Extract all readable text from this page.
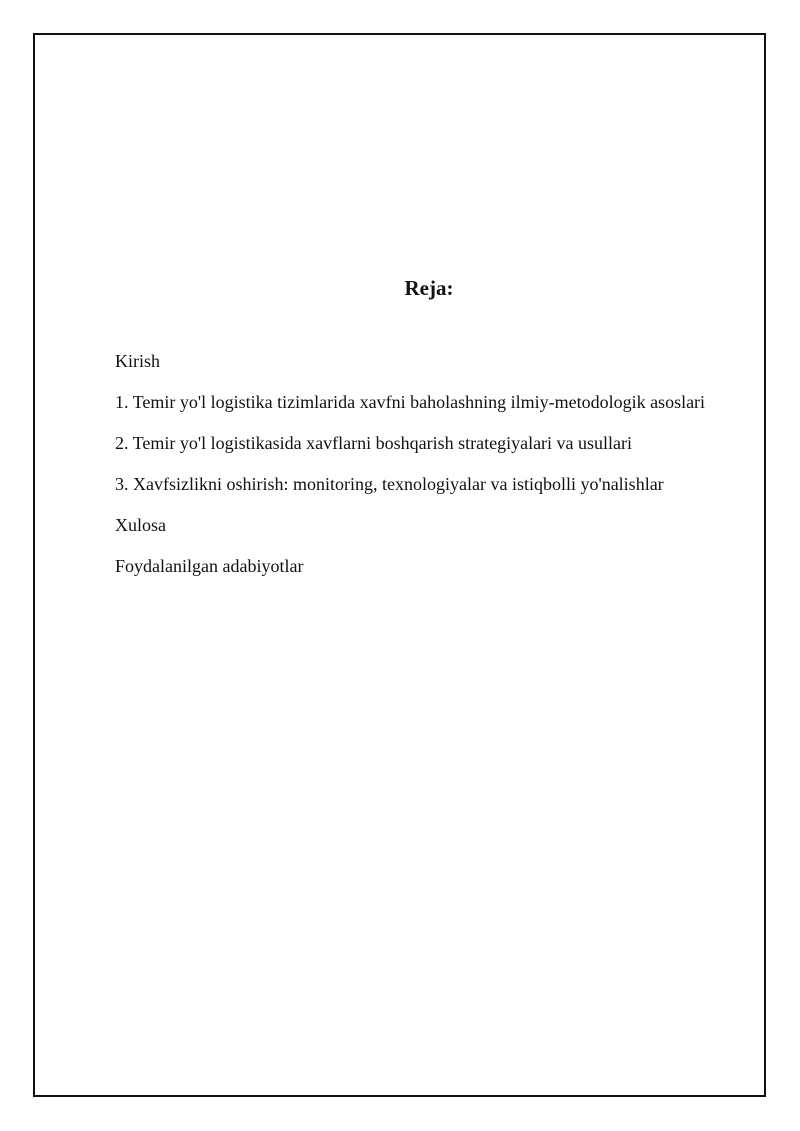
Reja:
Kirish
1. Temir yo'l logistika tizimlarida xavfni baholashning ilmiy-metodologik asoslari
2. Temir yo'l logistikasida xavflarni boshqarish strategiyalari va usullari
3. Xavfsizlikni oshirish: monitoring, texnologiyalar va istiqbolli yo'nalishlar
Xulosa
Foydalanilgan adabiyotlar
